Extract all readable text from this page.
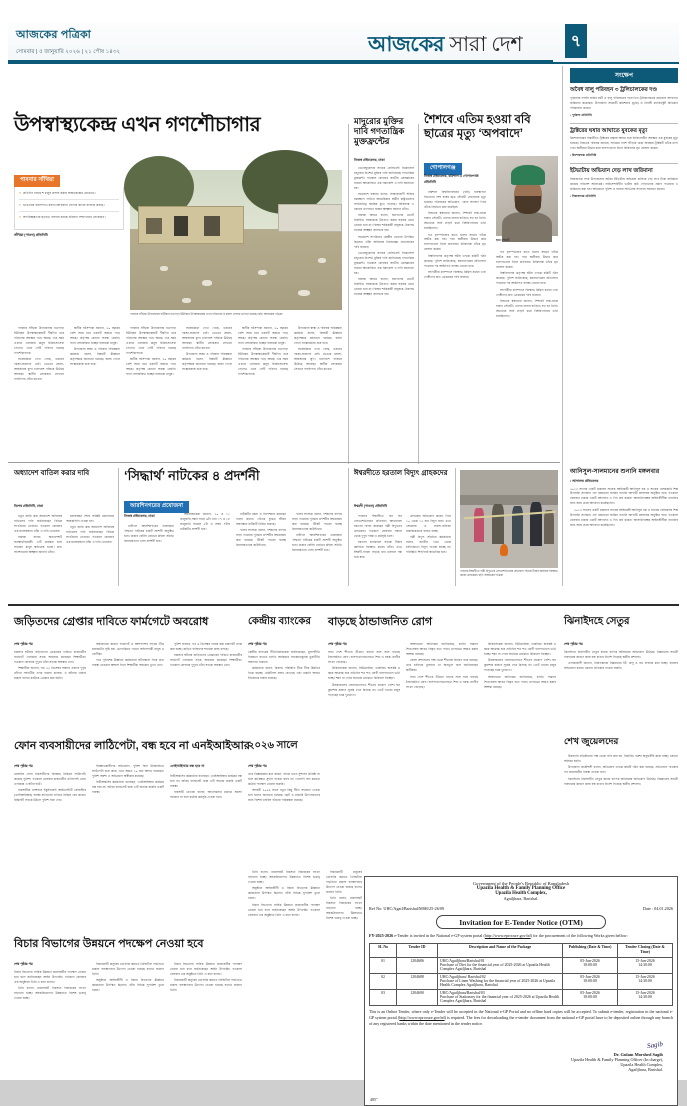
আজকের পত্রিকা
সোমবার | ৫ জানুয়ারি ২০২৬ | ২১ পৌষ ১৪৩২	আজকের সারা দেশ	৭
উপস্বাস্থ্যকেন্দ্র এখন গণশৌচাগার
পাবনার সাঁথিয়া
» প্রতিদিন বসছে শ মানুষ প্রস্রাব করায় স্বাস্থ্যকেন্দ্রের মেঝেতে।
» ভাঙারের বারান্দাতে ময়লা-আবর্জনা ফেলার কাজে ব্যবহার করছে।
» অপরিচ্ছন্নতার ছড়াতে বসবাস করছে হরিজন সম্প্রদায়ের লোকজন।
সাঁথিয়া (পাবনা) প্রতিনিধি
পাবনার সাঁথিয়া উপজেলার হাটিকান নওপাড়া ইউনিয়ন উপস্বাস্থ্যকেন্দ্র এখন পরিত্যক্ত ও ময়লা ফেলার ভাগাড় হয়েছে। ছবি: আজকের পত্রিকা

পাবনার সাঁথিয়া উপজেলার নওপাড়া ইউনিয়ন উপস্বাস্থ্যকেন্দ্রটি দীর্ঘদিন ধরে পরিত্যক্ত অবস্থায় পড়ে আছে। এক সময় এখানে এলাকার মানুষ চিকিৎসাসেবা পেলেও এখন সেটি পরিণত হয়েছে গণশৌচাগারে।

সরেজমিনে দেখা গেছে, ভবনের দরজা-জানালা নেই। ভেতরে ময়লা-আবর্জনার স্তূপ। চারপাশে গজিয়ে উঠেছে আগাছা। স্থানীয় লোকজন সেখানে গবাদিপশু বেঁধে রাখেন।

স্থানীয় বাসিন্দারা জানান, ২০ বছরের বেশি সময় ধরে ভবনটি অযত্নে পড়ে আছে। কর্তৃপক্ষ কোনো ব্যবস্থা নেয়নি। ফলে সেবাবঞ্চিত হচ্ছেন হাজারো মানুষ।

উপজেলা স্বাস্থ্য ও পরিবার পরিকল্পনা কর্মকর্তা বলেন, বিষয়টি ঊর্ধ্বতন কর্তৃপক্ষকে জানানো হয়েছে। বরাদ্দ পেলে সংস্কারকাজ শুরু হবে।

পাবনার সাঁথিয়া উপজেলার নওপাড়া ইউনিয়ন উপস্বাস্থ্যকেন্দ্রটি দীর্ঘদিন ধরে পরিত্যক্ত অবস্থায় পড়ে আছে। এক সময় এখানে এলাকার মানুষ চিকিৎসাসেবা পেলেও এখন সেটি পরিণত হয়েছে গণশৌচাগারে।

স্থানীয় বাসিন্দারা জানান, ২০ বছরের বেশি সময় ধরে ভবনটি অযত্নে পড়ে আছে। কর্তৃপক্ষ কোনো ব্যবস্থা নেয়নি। ফলে সেবাবঞ্চিত হচ্ছেন হাজারো মানুষ।

সরেজমিনে দেখা গেছে, ভবনের দরজা-জানালা নেই। ভেতরে ময়লা-আবর্জনার স্তূপ। চারপাশে গজিয়ে উঠেছে আগাছা। স্থানীয় লোকজন সেখানে গবাদিপশু বেঁধে রাখেন।

উপজেলা স্বাস্থ্য ও পরিবার পরিকল্পনা কর্মকর্তা বলেন, বিষয়টি ঊর্ধ্বতন কর্তৃপক্ষকে জানানো হয়েছে। বরাদ্দ পেলে সংস্কারকাজ শুরু হবে।

স্থানীয় বাসিন্দারা জানান, ২০ বছরের বেশি সময় ধরে ভবনটি অযত্নে পড়ে আছে। কর্তৃপক্ষ কোনো ব্যবস্থা নেয়নি। ফলে সেবাবঞ্চিত হচ্ছেন হাজারো মানুষ।

পাবনার সাঁথিয়া উপজেলার নওপাড়া ইউনিয়ন উপস্বাস্থ্যকেন্দ্রটি দীর্ঘদিন ধরে পরিত্যক্ত অবস্থায় পড়ে আছে। এক সময় এখানে এলাকার মানুষ চিকিৎসাসেবা পেলেও এখন সেটি পরিণত হয়েছে গণশৌচাগারে।

উপজেলা স্বাস্থ্য ও পরিবার পরিকল্পনা কর্মকর্তা বলেন, বিষয়টি ঊর্ধ্বতন কর্তৃপক্ষকে জানানো হয়েছে। বরাদ্দ পেলে সংস্কারকাজ শুরু হবে।

সরেজমিনে দেখা গেছে, ভবনের দরজা-জানালা নেই। ভেতরে ময়লা-আবর্জনার স্তূপ। চারপাশে গজিয়ে উঠেছে আগাছা। স্থানীয় লোকজন সেখানে গবাদিপশু বেঁধে রাখেন।

মাদুরোর মুক্তির দাবি গণতান্ত্রিক মুক্তফ্রন্টের
নিজস্ব প্রতিবেদক, ঢাকা

ভেনেজুয়েলার সাবেক প্রেসিডেন্ট নিকোলাস মাদুরোর নিঃশর্ত মুক্তির দাবি জানিয়েছে গণতান্ত্রিক মুক্তফ্রন্ট। গতকাল রোববার জাতীয় প্রেসক্লাবের সামনে আয়োজিত এক সমাবেশে এ দাবি জানানো হয়।

সমাবেশে বক্তারা বলেন, সাম্রাজ্যবাদী শক্তির হস্তক্ষেপে লাতিন আমেরিকার স্বাধীন রাষ্ট্রগুলোর সার্বভৌমত্ব হুমকির মুখে পড়েছে। অবিলম্বে এ ধরনের তৎপরতা বন্ধের আহ্বান জানান তাঁরা।

বক্তারা আরও বলেন, জনগণের ভোটে নির্বাচিত সরকারকে উৎখাত করার ষড়যন্ত্র মেনে নেওয়া হবে না। বিশ্বের শান্তিকামী মানুষকে ঐক্যবদ্ধ হওয়ার আহ্বান জানানো হয়।

সমাবেশে সংগঠনের কেন্দ্রীয় নেতারা উপস্থিত ছিলেন। তাঁরা অবিলম্বে নিষেধাজ্ঞা প্রত্যাহারের দাবি জানান।

ভেনেজুয়েলার সাবেক প্রেসিডেন্ট নিকোলাস মাদুরোর নিঃশর্ত মুক্তির দাবি জানিয়েছে গণতান্ত্রিক মুক্তফ্রন্ট। গতকাল রোববার জাতীয় প্রেসক্লাবের সামনে আয়োজিত এক সমাবেশে এ দাবি জানানো হয়।

বক্তারা আরও বলেন, জনগণের ভোটে নির্বাচিত সরকারকে উৎখাত করার ষড়যন্ত্র মেনে নেওয়া হবে না। বিশ্বের শান্তিকামী মানুষকে ঐক্যবদ্ধ হওয়ার আহ্বান জানানো হয়।

শৈশবে এতিম হওয়া ববি ছাত্রের মৃত্যু ‘অপবাদে’
গোপালগঞ্জ
নিজস্ব প্রতিবেদক, বরিশাল ও গোপালগঞ্জ প্রতিনিধি

বরিশাল বিশ্ববিদ্যালয়ের (ববি) ব্যবস্থাপনা বিভাগের শেষ বর্ষের ছাত্র সৌরভী হোসেনের মৃত্যু হয়েছে। পরিবারের অভিযোগ, ‘চোর’ অপবাদ দিয়ে তাঁকে নির্যাতন করা হয়েছিল।

নিহতের স্বজনেরা জানান, শৈশবেই বাবা-মাকে হারান সৌরভী। এরপর নানার বাড়িতে বড় হন তিনি। অভাবের সঙ্গে লড়াই করে বিশ্ববিদ্যালয়ে ভর্তি হয়েছিলেন।

গত বৃহস্পতিবার রাতে হলের সামনে তাঁকে আটক করা হয়। পরে স্থানীয়রা উদ্ধার করে হাসপাতালে নিলে কর্তব্যরত চিকিৎসক তাঁকে মৃত ঘোষণা করেন।

বিশ্ববিদ্যালয় কর্তৃপক্ষ ঘটনা তদন্তে কমিটি গঠন করেছে। পুলিশ জানিয়েছে, ময়নাতদন্তের প্রতিবেদন পাওয়ার পর আইনগত ব্যবস্থা নেওয়া হবে।

সহপাঠীরা ক্যাম্পাসে বিক্ষোভ মিছিল করেন এবং দোষীদের দ্রুত গ্রেপ্তারের দাবি জানান।

ছাত্র সৌরভী

গত বৃহস্পতিবার রাতে হলের সামনে তাঁকে আটক করা হয়। পরে স্থানীয়রা উদ্ধার করে হাসপাতালে নিলে কর্তব্যরত চিকিৎসক তাঁকে মৃত ঘোষণা করেন।

বিশ্ববিদ্যালয় কর্তৃপক্ষ ঘটনা তদন্তে কমিটি গঠন করেছে। পুলিশ জানিয়েছে, ময়নাতদন্তের প্রতিবেদন পাওয়ার পর আইনগত ব্যবস্থা নেওয়া হবে।

সহপাঠীরা ক্যাম্পাসে বিক্ষোভ মিছিল করেন এবং দোষীদের দ্রুত গ্রেপ্তারের দাবি জানান।

নিহতের স্বজনেরা জানান, শৈশবেই বাবা-মাকে হারান সৌরভী। এরপর নানার বাড়িতে বড় হন তিনি। অভাবের সঙ্গে লড়াই করে বিশ্ববিদ্যালয়ে ভর্তি হয়েছিলেন।

সংক্ষেপ
অবৈধ বালু পরিবহন ৩ ট্রলিচালকের দণ্ড

পূর্বধলায় ফসলি জমির মাটি ও বালু পরিবহনের দায়ে তিন ট্রলিচালককে ভ্রাম্যমাণ আদালত জরিমানা করেছেন। উপজেলা সহকারী কমিশনার (ভূমি) ও নির্বাহী ম্যাজিস্ট্রেট অভিযান পরিচালনা করেন।

• পূর্বধলা প্রতিনিধি
ট্রাক্টরের ঘষার আঘাতে যুবকের মৃত্যু

কিশোরগঞ্জের নিকলীতে ট্রাক্টরের ধাক্কায় আহত হয়ে চিকিৎসাধীন অবস্থায় এক যুবকের মৃত্যু হয়েছে। নিহতের পরিবার জানায়, সড়কের পাশে দাঁড়িয়ে থাকা অবস্থায় ট্রাক্টরটি তাঁকে চাপা দেয়। স্থানীয়রা উদ্ধার করে হাসপাতালে নিলে চিকিৎসক মৃত ঘোষণা করেন।

• কিশোরগঞ্জ প্রতিনিধি
ইটভাটায় অভিযান দেড় লাখ জরিমানা

সিরাজগঞ্জ সদর উপজেলায় অবৈধ ইটভাটায় অভিযান চালিয়ে দেড় লাখ টাকা জরিমানা করেছে পরিবেশ অধিদপ্তর। লাইসেন্সবিহীন ভাটায় কাঠ পোড়ানোর প্রমাণ পাওয়ায় এ জরিমানা করা হয়। অভিযানে পুলিশ ও ফায়ার সার্ভিসের সদস্যরা সহায়তা করেন।

• সিরাজগঞ্জ প্রতিনিধি
অধ্যাদেশ বাতিল করার দাবি
বিশেষ প্রতিনিধি, ঢাকা

নতুন জারি করা অধ্যাদেশ অবিলম্বে বাতিলের দাবি জানিয়েছেন বিভিন্ন সংগঠনের নেতারা। গতকাল রোববার এক মানববন্ধনে তাঁরা এ দাবি তোলেন।

বক্তারা বলেন, অধ্যাদেশটি জনস্বার্থবিরোধী। এটি কার্যকর হলে সাধারণ মানুষ ক্ষতিগ্রস্ত হবেন। দ্রুত সংশোধনের আহ্বান জানান তাঁরা।

মানববন্ধন শেষে সংশ্লিষ্ট মন্ত্রণালয়ে স্মারকলিপি দেওয়া হয়।

নতুন জারি করা অধ্যাদেশ অবিলম্বে বাতিলের দাবি জানিয়েছেন বিভিন্ন সংগঠনের নেতারা। গতকাল রোববার এক মানববন্ধনে তাঁরা এ দাবি তোলেন।

‘সিদ্ধার্থ’ নাটকের ৪ প্রদর্শনী
আরশিনগরের প্রযোজনা
নিজস্ব প্রতিবেদক, ঢাকা

নাট্যদল আরশিনগরের প্রযোজনা ‘সিদ্ধার্থ’ নাটকের চারটি প্রদর্শনী অনুষ্ঠিত হবে। ঢাকার বেইলি রোডের মহিলা সমিতি মিলনায়তনে এসব প্রদর্শনী হবে।

আয়োজকেরা জানান, ১০ ও ১১ জানুয়ারি সন্ধ্যা সাড়ে ৬টা এবং ১৭ ও ১৮ জানুয়ারি বিকেল ৫টা ও সন্ধ্যা ৭টায় নাটকটির প্রদর্শনী হবে।

নাটকটির রচনা ও নির্দেশনায় রয়েছেন দলের প্রধান। গৌতম বুদ্ধের জীবন অবলম্বনে নাটকটি নির্মিত হয়েছে।

দলের সদস্যরা বলেন, দর্শকদের ব্যাপক সাড়া পাওয়ায় পুনরায় প্রদর্শনীর আয়োজন করা হয়েছে। টিকিট পাওয়া যাচ্ছে মিলনায়তনের কাউন্টারে।

দলের সদস্যরা বলেন, দর্শকদের ব্যাপক সাড়া পাওয়ায় পুনরায় প্রদর্শনীর আয়োজন করা হয়েছে। টিকিট পাওয়া যাচ্ছে মিলনায়তনের কাউন্টারে।

নাট্যদল আরশিনগরের প্রযোজনা ‘সিদ্ধার্থ’ নাটকের চারটি প্রদর্শনী অনুষ্ঠিত হবে। ঢাকার বেইলি রোডের মহিলা সমিতি মিলনায়তনে এসব প্রদর্শনী হবে।

ঈশ্বরদীতে হরতাল বিদ্যুৎ গ্রাহকদের
ঈশ্বরদী (পাবনা) প্রতিনিধি

পাবনার ঈশ্বরদীতে ঘন ঘন লোডশেডিংয়ের প্রতিবাদে আধাবেলা হরতাল পালন করেছেন পল্লী বিদ্যুতের গ্রাহকেরা। গতকাল রোববার সকাল থেকে দুপুর পর্যন্ত এ কর্মসূচি চলে।

হরতাল চলাকালে সড়কে টায়ার জ্বালিয়ে বিক্ষোভ করেন তাঁরা। এতে ঈশ্বরদী-পাবনা সড়কে যান চলাচল বন্ধ হয়ে যায়।

গ্রাহকেরা অভিযোগ করেন, দিনে ১০ থেকে ১২ বার বিদ্যুৎ যায়। এতে সেচকাজ ও ব্যবসা-বাণিজ্য মারাত্মকভাবে ব্যাহত হচ্ছে।

পল্লী বিদ্যুৎ সমিতির কর্মকর্তারা বলেন, জাতীয় গ্রিড থেকে চাহিদামতো বিদ্যুৎ পাওয়া যাচ্ছে না। পরিস্থিতি শিগগিরই স্বাভাবিক হবে।

পাবনার ঈশ্বরদীতে পল্লী বিদ্যুতের লোডশেডিংয়ের প্রতিবাদে সড়কে টায়ার জ্বালিয়ে বিক্ষোভ করেন গ্রাহকেরা। ছবি: আজকের পত্রিকা
আনিসুল-সালমানের শুনানি মঙ্গলবার
• আদালত প্রতিবেদক

২০১৩ সালের একটি মামলায় সাবেক আইনমন্ত্রী আনিসুল হক ও সাবেক বেসরকারি শিল্প উপদেষ্টা সালমান এফ রহমানের জামিন শুনানি আগামী মঙ্গলবার অনুষ্ঠিত হবে। গতকাল রোববার ঢাকার একটি আদালত এ দিন ধার্য করেন। আসামিপক্ষের আইনজীবীরা শুনানির জন্য সময় চেয়ে আবেদন করেছিলেন।

২০১৩ সালের একটি মামলায় সাবেক আইনমন্ত্রী আনিসুল হক ও সাবেক বেসরকারি শিল্প উপদেষ্টা সালমান এফ রহমানের জামিন শুনানি আগামী মঙ্গলবার অনুষ্ঠিত হবে। গতকাল রোববার ঢাকার একটি আদালত এ দিন ধার্য করেন। আসামিপক্ষের আইনজীবীরা শুনানির জন্য সময় চেয়ে আবেদন করেছিলেন।

জড়িতদের গ্রেপ্তার দাবিতে ফার্মগেটে অবরোধ
শেষ পৃষ্ঠার পর

হামলার ঘটনায় জড়িতদের গ্রেপ্তারের দাবিতে রাজধানীর ফার্মগেট এলাকায় সড়ক অবরোধ করেছেন শিক্ষার্থীরা। গতকাল রোববার দুপুরে তাঁরা সড়কে অবস্থান নেন।

শিক্ষার্থীরা জানান, গত ২২ ডিসেম্বর সন্ধ্যায় একদল দুর্বৃত্ত তাঁদের সহপাঠীর ওপর হামলা চালায়। এ ঘটনায় থানায় মামলা হলেও কাউকে গ্রেপ্তার করা হয়নি।

অবরোধের কারণে ফার্মগেট ও আশপাশের সড়কে তীব্র যানজটের সৃষ্টি হয়। ভোগান্তিতে পড়েন অফিসগামী মানুষ ও রোগীরা।

পরে পুলিশের ঊর্ধ্বতন কর্মকর্তারা ঘটনাস্থলে গিয়ে দ্রুত ব্যবস্থা নেওয়ার আশ্বাস দিলে শিক্ষার্থীরা অবরোধ তুলে নেন।

পুলিশ জানায়, গত ৬ ডিসেম্বর দায়ের করা মামলাটি তদন্ত করা হচ্ছে। জড়িত ব্যক্তিদের শনাক্তে কাজ চলছে।

হামলার ঘটনায় জড়িতদের গ্রেপ্তারের দাবিতে রাজধানীর ফার্মগেট এলাকায় সড়ক অবরোধ করেছেন শিক্ষার্থীরা। গতকাল রোববার দুপুরে তাঁরা সড়কে অবস্থান নেন।

কেন্দ্রীয় ব্যাংকের
শেষ পৃষ্ঠার পর

কেন্দ্রীয় ব্যাংকের নীতিনির্ধারকেরা জানিয়েছেন, মূল্যস্ফীতি নিয়ন্ত্রণে রাখতে চলতি অর্থবছরে সংকোচনমূলক মুদ্রানীতি অব্যাহত থাকবে।

কর্মকর্তারা বলেন, রিজার্ভ পরিস্থিতি ধীরে ধীরে উন্নতির দিকে যাচ্ছে। রেমিট্যান্স প্রবাহ বেড়েছে এবং রপ্তানি আয়ও ইতিবাচক ধারায় রয়েছে।

২০২৬ সালে
শেষ পৃষ্ঠার পর

তবে বিশ্লেষকেরা মনে করেন, ব্যাংক খাতে সুশাসন প্রতিষ্ঠা না হলে কাঙ্ক্ষিত সুফল পাওয়া যাবে না। খেলাপি ঋণ কমাতে কঠোর পদক্ষেপ নেওয়া জরুরি।

আগামী ২০২৬ সালে নতুন কিছু নীতি সহায়তা দেওয়া হবে বলেও জানানো হয়েছে। ছোট ও মাঝারি উদ্যোক্তাদের জন্য বিশেষ তহবিল গঠনের পরিকল্পনা রয়েছে।

বাড়ছে ঠান্ডাজনিত রোগ
শেষ পৃষ্ঠার পর

সারা দেশে শীতের তীব্রতা বাড়ার সঙ্গে সঙ্গে বাড়ছে ঠান্ডাজনিত রোগ। হাসপাতালগুলোতে শিশু ও বয়স্ক রোগীর সংখ্যা বেড়েছে।

চিকিৎসকেরা জানান, নিউমোনিয়া, ডায়রিয়া, শ্বাসকষ্ট ও জ্বরে আক্রান্ত হয়ে প্রতিদিন শত শত রোগী হাসপাতালে ভর্তি হচ্ছে। শয্যা না পেয়ে অনেকে মেঝেতে চিকিৎসা নিচ্ছেন।

উত্তরাঞ্চলের জেলাগুলোতে শীতের প্রকোপ বেশি। ঘন কুয়াশার কারণে সূর্যের দেখা মিলছে না। খেটে খাওয়া মানুষ পড়েছেন চরম দুর্ভোগে।

আবহাওয়া অধিদপ্তর জানিয়েছে, চলতি সপ্তাহে শৈত্যপ্রবাহ আরও বিস্তৃত হতে পারে। তাপমাত্রা আরও কমার আশঙ্কা রয়েছে।

জেলা প্রশাসনের পক্ষ থেকে শীতবস্ত্র বিতরণ শুরু হয়েছে। তবে চাহিদার তুলনায় তা অপ্রতুল বলে জানিয়েছেন স্থানীয়রা।

সারা দেশে শীতের তীব্রতা বাড়ার সঙ্গে সঙ্গে বাড়ছে ঠান্ডাজনিত রোগ। হাসপাতালগুলোতে শিশু ও বয়স্ক রোগীর সংখ্যা বেড়েছে।

চিকিৎসকেরা জানান, নিউমোনিয়া, ডায়রিয়া, শ্বাসকষ্ট ও জ্বরে আক্রান্ত হয়ে প্রতিদিন শত শত রোগী হাসপাতালে ভর্তি হচ্ছে। শয্যা না পেয়ে অনেকে মেঝেতে চিকিৎসা নিচ্ছেন।

উত্তরাঞ্চলের জেলাগুলোতে শীতের প্রকোপ বেশি। ঘন কুয়াশার কারণে সূর্যের দেখা মিলছে না। খেটে খাওয়া মানুষ পড়েছেন চরম দুর্ভোগে।

আবহাওয়া অধিদপ্তর জানিয়েছে, চলতি সপ্তাহে শৈত্যপ্রবাহ আরও বিস্তৃত হতে পারে। তাপমাত্রা আরও কমার আশঙ্কা রয়েছে।

ঝিনাইদহে সেতুর
শেষ পৃষ্ঠার পর

ঝিনাইদহে নির্মাণাধীন সেতুর কাজে ব্যাপক অনিয়মের অভিযোগ উঠেছে। নিম্নমানের সামগ্রী ব্যবহারের কারণে কাজ বন্ধ রাখার নির্দেশ দিয়েছে স্থানীয় প্রশাসন।

এলাকাবাসী জানান, নির্মাণকাজে নিম্নমানের ইট, বালু ও রড ব্যবহার করা হচ্ছে। বারবার অভিযোগ করেও কোনো প্রতিকার পাওয়া যায়নি।

শেখ জুয়েলদের

ঠিকাদারি প্রতিষ্ঠানের পক্ষ থেকে দাবি করা হয়, নির্ধারিত নকশা অনুযায়ীই কাজ হচ্ছে। কোনো অনিয়ম হয়নি।

উপজেলা প্রকৌশলী বলেন, অভিযোগ তদন্তে কমিটি গঠন করা হয়েছে। প্রতিবেদন পাওয়ার পর প্রয়োজনীয় ব্যবস্থা নেওয়া হবে।

ঝিনাইদহে নির্মাণাধীন সেতুর কাজে ব্যাপক অনিয়মের অভিযোগ উঠেছে। নিম্নমানের সামগ্রী ব্যবহারের কারণে কাজ বন্ধ রাখার নির্দেশ দিয়েছে স্থানীয় প্রশাসন।

ফোন ব্যবসায়ীদের লাঠিপেটা, বন্ধ হবে না এনইআইআর
শেষ পৃষ্ঠার পর

মোবাইল ফোন ব্যবসায়ীদের বিক্ষোভ মিছিলে লাঠিপেটা করেছে পুলিশ। গতকাল রোববার রাজধানীর এলিফ্যান্ট রোড এলাকায় এ ঘটনা ঘটে।

ব্যবসায়ীরা ন্যাশনাল ইকুইপমেন্ট আইডেন্টিটি রেজিস্টার (এনইআইআর) ব্যবস্থা বাতিলের দাবিতে মিছিল বের করেন। মিছিলটি সড়কে উঠলে পুলিশ বাধা দেয়।

বিক্ষোভকারীদের অভিযোগ, পুলিশ বিনা উসকানিতে লাঠিপেটা শুরু করে। এতে অন্তত ১০ জন আহত হয়েছেন। পুলিশ অবশ্য এ অভিযোগ অস্বীকার করেছে।

বিটিআরসির কর্মকর্তারা বলেছেন, এনইআইআর কার্যক্রম বন্ধ হবে না। অবৈধ হ্যান্ডসেট বন্ধে এটি অত্যন্ত জরুরি একটি ব্যবস্থা।

এনইআইআর বন্ধ হবে না

বিটিআরসির কর্মকর্তারা বলেছেন, এনইআইআর কার্যক্রম বন্ধ হবে না। অবৈধ হ্যান্ডসেট বন্ধে এটি অত্যন্ত জরুরি একটি ব্যবস্থা।

ব্যবসায়ী নেতারা বলেন, আলোচনার মাধ্যমে সমস্যা সমাধান না হলে কঠোর কর্মসূচি দেওয়া হবে।

বিচার বিভাগের উন্নয়নে পদক্ষেপ নেওয়া হবে
শেষ পৃষ্ঠার পর

বিচার বিভাগের সার্বিক উন্নয়নে প্রয়োজনীয় পদক্ষেপ নেওয়া হবে বলে জানিয়েছেন আইন উপদেষ্টা। গতকাল রোববার এক অনুষ্ঠানে তিনি এ কথা বলেন।

তিনি বলেন, মামলাজট নিরসনে বিচারকের সংখ্যা বাড়ানো হচ্ছে। অবকাঠামোগত উন্নয়নেও বিশেষ গুরুত্ব দেওয়া হচ্ছে।

বিচারপ্রার্থী মানুষের ভোগান্তি কমাতে ডিজিটাল পদ্ধতিতে মামলা ব্যবস্থাপনার উদ্যোগ নেওয়া হয়েছে বলেও জানান তিনি।

অনুষ্ঠানে আইনজীবী ও বিচার বিভাগের ঊর্ধ্বতন কর্মকর্তারা উপস্থিত ছিলেন। তাঁরা বিভিন্ন সুপারিশ তুলে ধরেন।

বিচার বিভাগের সার্বিক উন্নয়নে প্রয়োজনীয় পদক্ষেপ নেওয়া হবে বলে জানিয়েছেন আইন উপদেষ্টা। গতকাল রোববার এক অনুষ্ঠানে তিনি এ কথা বলেন।

বিচারপ্রার্থী মানুষের ভোগান্তি কমাতে ডিজিটাল পদ্ধতিতে মামলা ব্যবস্থাপনার উদ্যোগ নেওয়া হয়েছে বলেও জানান তিনি।

তিনি বলেন, মামলাজট নিরসনে বিচারকের সংখ্যা বাড়ানো হচ্ছে। অবকাঠামোগত উন্নয়নেও বিশেষ গুরুত্ব দেওয়া হচ্ছে।

অনুষ্ঠানে আইনজীবী ও বিচার বিভাগের ঊর্ধ্বতন কর্মকর্তারা উপস্থিত ছিলেন। তাঁরা বিভিন্ন সুপারিশ তুলে ধরেন।

বিচার বিভাগের সার্বিক উন্নয়নে প্রয়োজনীয় পদক্ষেপ নেওয়া হবে বলে জানিয়েছেন আইন উপদেষ্টা। গতকাল রোববার এক অনুষ্ঠানে তিনি এ কথা বলেন।

বিচারপ্রার্থী মানুষের ভোগান্তি কমাতে ডিজিটাল পদ্ধতিতে মামলা ব্যবস্থাপনার উদ্যোগ নেওয়া হয়েছে বলেও জানান তিনি।

তিনি বলেন, মামলাজট নিরসনে বিচারকের সংখ্যা বাড়ানো হচ্ছে। অবকাঠামোগত উন্নয়নেও বিশেষ গুরুত্ব দেওয়া হচ্ছে।

Government of the People's Republic of Bangladesh
Upazila Health & Family Planning Office
Upazila Health Complex,
Agailjhara, Barishal.
Ref No: UHC/Agail/Barishal/MSR/25-26/09	Date : 04.01.2026
Invitation for E-Tender Notice (OTM)
FY-2025-2026 e-Tender is invited in the National e-GP system portal (http://www.eprocure.gov.bd) for the procurement of the following Works given bellow:
SL No	Tender ID	Description and Name of the Package	Publishing (Date & Time)	Tender Closing (Date & Time)
01	1204686	UHC/Agailjhara/Barishal/01
Purchase of Diet for the financial year of 2025-2026 at Upazila Health Complex Agailjhara, Barishal

05-Jan-2026
10:00:00

15-Jan-2026
14:30:00

02	1204688	UHC/Agailjhara/ Barishal/02
Purchase of Linen Washing for the financial year of 2025-2026 at Upazila Health Complex Agailjhara, Barishal

05-Jan-2026
10:00:00

15-Jan-2026
14:30:00

03	1204690	UHC/Agailjhara/Barishal/03
Purchase of Stationary for the financial year of 2025-2026 at Upazila Health Complex Agailjhara, Barishal

05-Jan-2026
10:00:00

15-Jan-2026
14:30:00
This is an Online Tender, where only e-Tender will be accepted in the National e-GP Portal and no offline hard copies will be accepted. To submit e-tender, registration in the national e-GP system portal (http://www.eprocure.gov.bd) is required. The fees for downloading the e-tender document from the national e-GP portal have to be deposited online through any branch of any registered banks within the date mentioned in the tender notice.
Sagib
Dr. Gulam Morshed Sagib
Upazila Health & Family Planning Officer (In charge),
Upazila Health Complex,
Agailjhara, Barishal.
485"
